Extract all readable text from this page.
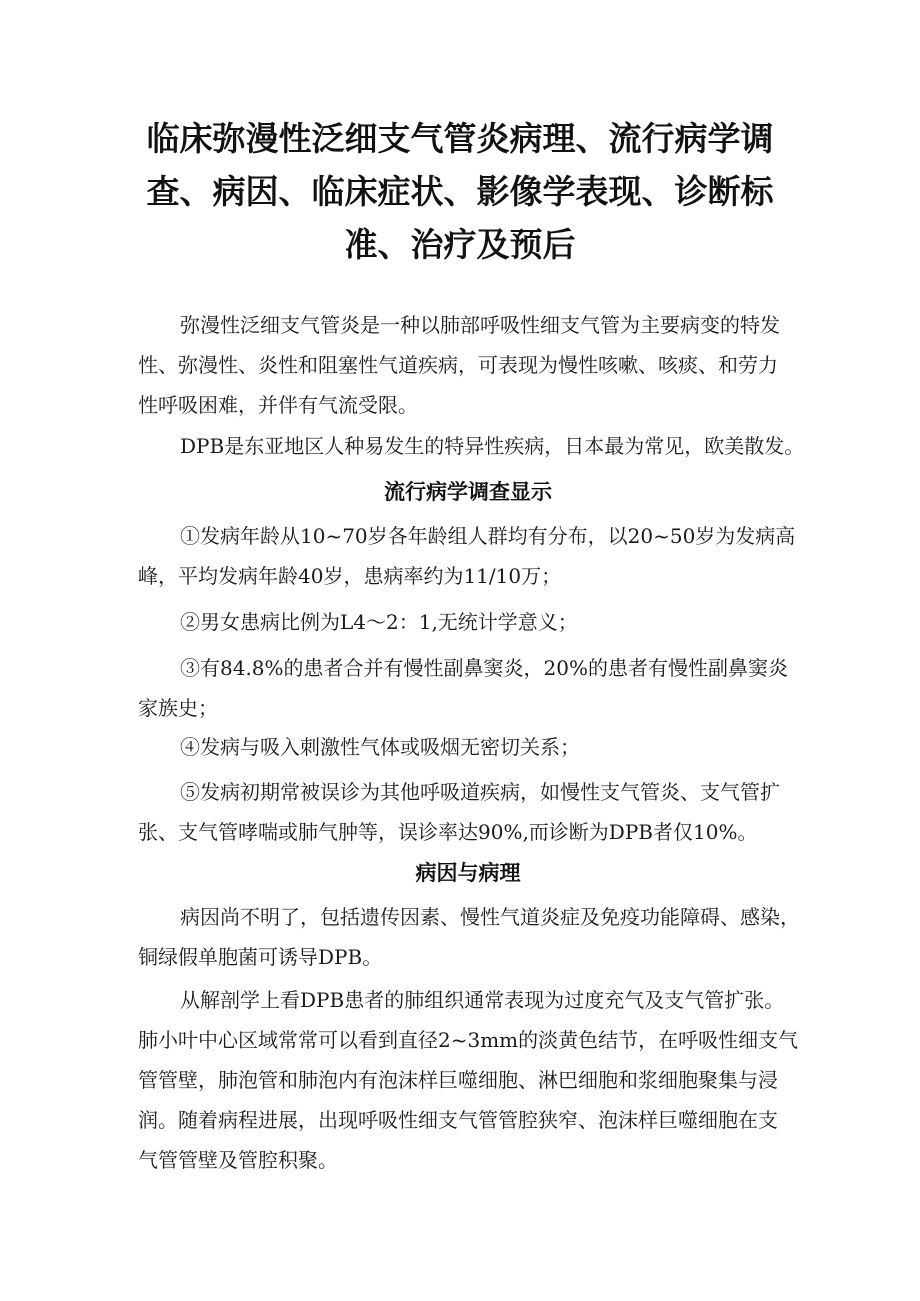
临床弥漫性泛细支气管炎病理、流行病学调
查、病因、临床症状、影像学表现、诊断标
准、治疗及预后

弥漫性泛细支气管炎是一种以肺部呼吸性细支气管为主要病变的特发
性、弥漫性、炎性和阻塞性气道疾病，可表现为慢性咳嗽、咳痰、和劳力
性呼吸困难，并伴有气流受限。

DPB是东亚地区人种易发生的特异性疾病，日本最为常见，欧美散发。

流行病学调查显示

①发病年龄从10~70岁各年龄组人群均有分布，以20~50岁为发病高
峰，平均发病年龄40岁，患病率约为11/10万；

②男女患病比例为L4～2：1,无统计学意义；

③有84.8%的患者合并有慢性副鼻窦炎，20%的患者有慢性副鼻窦炎
家族史；

④发病与吸入刺激性气体或吸烟无密切关系；

⑤发病初期常被误诊为其他呼吸道疾病，如慢性支气管炎、支气管扩
张、支气管哮喘或肺气肿等，误诊率达90%,而诊断为DPB者仅10%。

病因与病理

病因尚不明了，包括遗传因素、慢性气道炎症及免疫功能障碍、感染，
铜绿假单胞菌可诱导DPB。

从解剖学上看DPB患者的肺组织通常表现为过度充气及支气管扩张。
肺小叶中心区域常常可以看到直径2~3mm的淡黄色结节，在呼吸性细支气
管管壁，肺泡管和肺泡内有泡沫样巨噬细胞、淋巴细胞和浆细胞聚集与浸
润。随着病程进展，出现呼吸性细支气管管腔狭窄、泡沫样巨噬细胞在支
气管管壁及管腔积聚。
